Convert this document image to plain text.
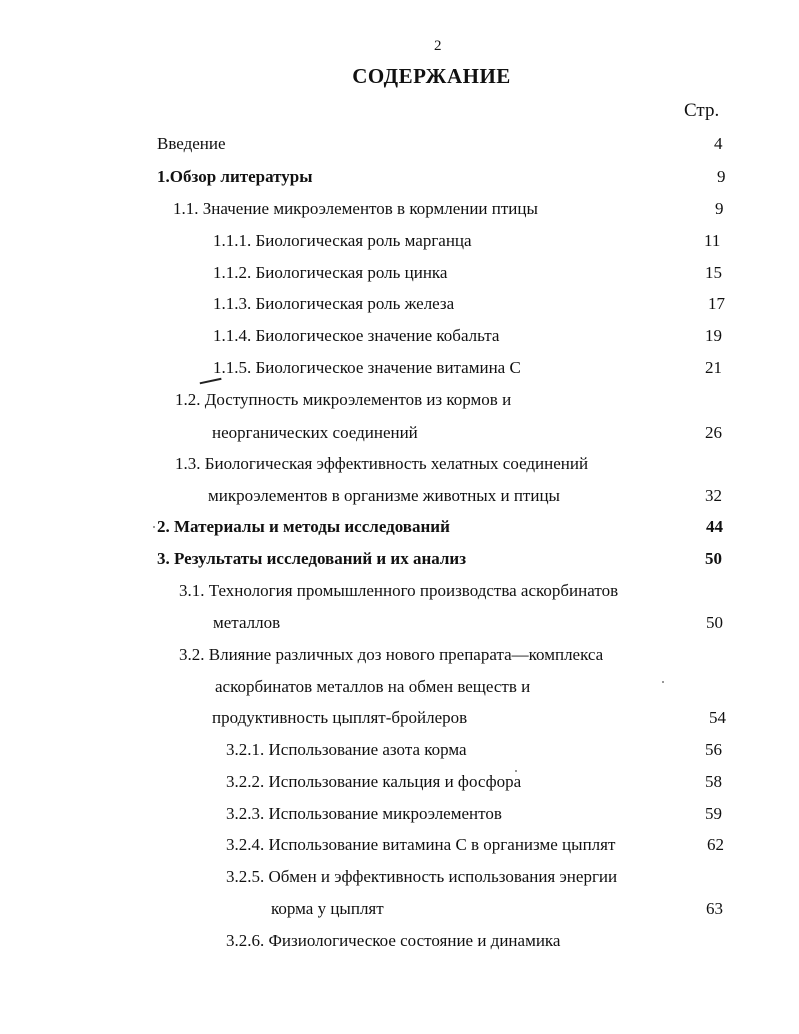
2
СОДЕРЖАНИЕ
Стр.
Введение
1.Обзор литературы
1.1. Значение микроэлементов в кормлении птицы
1.1.1. Биологическая роль марганца
1.1.2. Биологическая роль цинка
1.1.3. Биологическая роль железа
1.1.4. Биологическое значение кобальта
1.1.5. Биологическое значение витамина С
1.2. Доступность микроэлементов из кормов и
неорганических соединений
1.3. Биологическая эффективность хелатных соединений
микроэлементов в организме животных и птицы
2. Материалы и методы исследований
3. Результаты исследований и их анализ
3.1. Технология промышленного производства аскорбинатов
металлов
3.2. Влияние различных доз нового препарата—комплекса
аскорбинатов металлов на обмен веществ и
продуктивность цыплят-бройлеров
3.2.1. Использование азота корма
3.2.2. Использование кальция и фосфора
3.2.3. Использование микроэлементов
3.2.4. Использование витамина С в организме цыплят
3.2.5. Обмен и эффективность использования энергии
корма у цыплят
3.2.6. Физиологическое состояние и динамика
4
9
9
11
15
17
19
21
26
32
44
50
50
54
56
58
59
62
63
